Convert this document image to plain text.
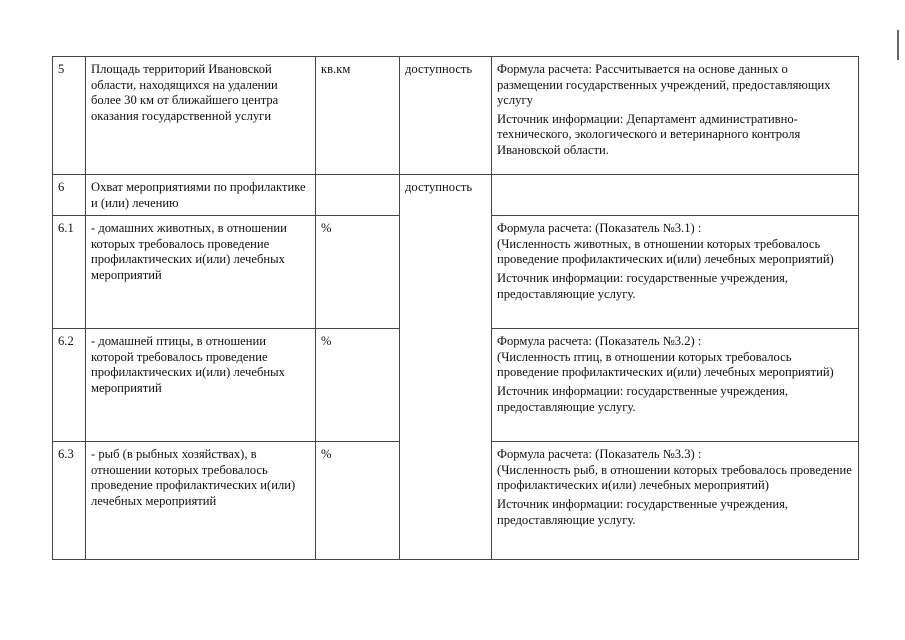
5	Площадь территорий Ивановской области, находящихся на удалении более 30 км от ближайшего центра оказания государственной услуги	кв.км	доступность	Формула расчета: Рассчитывается на основе данных о размещении государственных учреждений, предоставляющих услугу

Источник информации: Департамент административно-технического, экологического и ветеринарного контроля Ивановской области.

6	Охват мероприятиями по профилактике и (или) лечению		доступность	
6.1	- домашних животных, в отношении которых требовалось проведение профилактических и(или) лечебных мероприятий	%		Формула расчета: (Показатель №3.1) :
(Численность животных, в отношении которых требовалось проведение профилактических и(или) лечебных мероприятий)

Источник информации: государственные учреждения, предоставляющие услугу.

6.2	- домашней птицы, в отношении которой требовалось проведение профилактических и(или) лечебных мероприятий	%		Формула расчета: (Показатель №3.2) :
(Численность птиц, в отношении которых требовалось проведение профилактических и(или) лечебных мероприятий)

Источник информации: государственные учреждения, предоставляющие услугу.

6.3	- рыб (в рыбных хозяйствах), в отношении которых требовалось проведение профилактических и(или) лечебных мероприятий	%		Формула расчета: (Показатель №3.3) :
(Численность рыб, в отношении которых требовалось проведение профилактических и(или) лечебных мероприятий)

Источник информации: государственные учреждения, предоставляющие услугу.
